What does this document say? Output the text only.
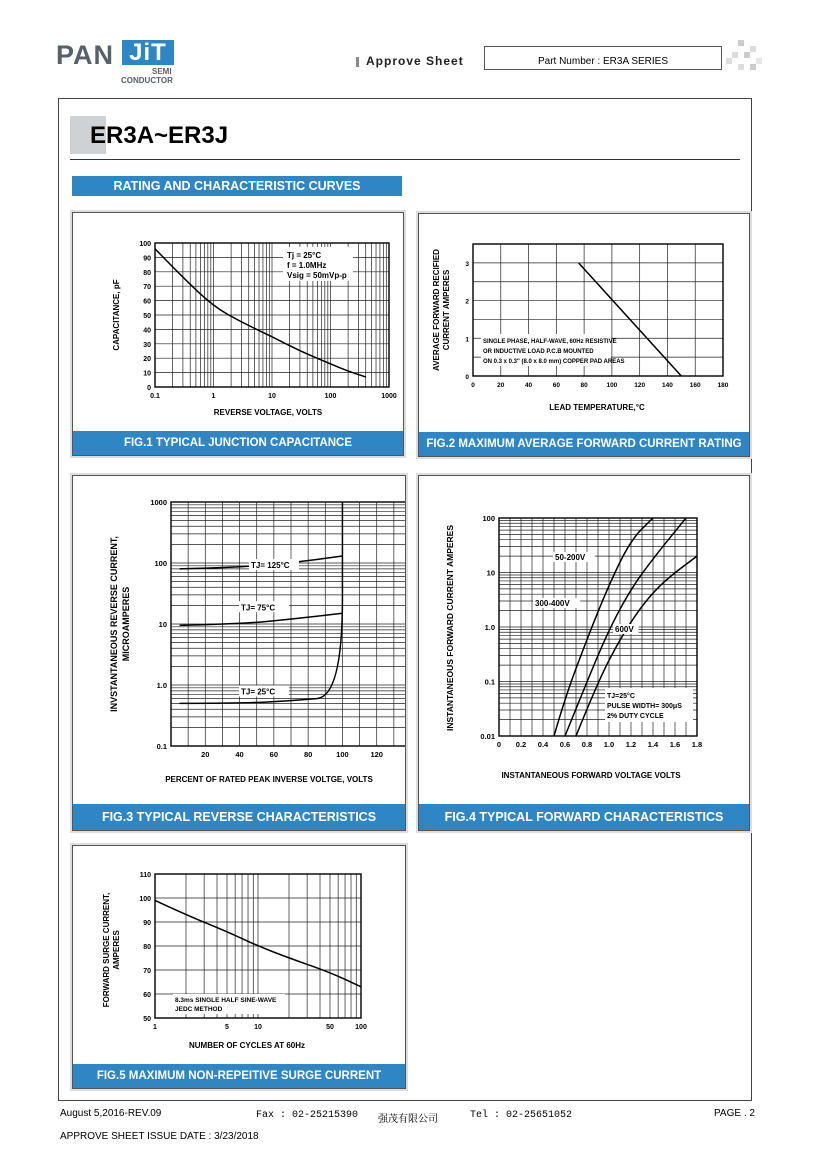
PAN JiT
SEMI
CONDUCTOR
Approve Sheet	Part Number : ER3A SERIES
ER3A~ER3J
RATING AND CHARACTERISTIC CURVES
0.1	1	10	100	1000
0
10
20
30
40
50
60
70
80
90
100
REVERSE VOLTAGE, VOLTS
CAPACITANCE, pF
Tj = 25°C
f = 1.0MHz
Vsig = 50mVp-p
FIG.1 TYPICAL JUNCTION CAPACITANCE
0	20	40	60	80	100	120	140	160	180
0
1
2
3
LEAD TEMPERATURE,°C
AVERAGE FORWARD RECIFIED CURRENT AMPERES	SINGLE PHASE, HALF-WAVE, 60Hz RESISTIVE
OR INDUCTIVE LOAD P.C.B MOUNTED
ON 0.3 x 0.3" (8.0 x 8.0 mm) COPPER PAD AREAS
FIG.2 MAXIMUM AVERAGE FORWARD CURRENT RATING
20	40	60	80	100	120
0.1
1.0
10
100
1000
PERCENT OF RATED PEAK INVERSE VOLTGE, VOLTS
INVSTANTANEOUS REVERSE CURRENT, MICROAMPERES
TJ= 125°C
TJ= 75°C
TJ= 25°C
FIG.3 TYPICAL REVERSE CHARACTERISTICS
0 0.2 0.4 0.6 0.8 1.0 1.2 1.4 1.6 1.8
0.01
0.1
1.0
10
100
INSTANTANEOUS FORWARD VOLTAGE VOLTS
INSTANTANEOUS FORWARD CURRENT AMPERES	50-200V
300-400V
600V
TJ=25°C
PULSE WIDTH= 300μS
2% DUTY CYCLE
FIG.4 TYPICAL FORWARD CHARACTERISTICS
1	5	10	50	100
50
60
70
80
90
100
110
NUMBER OF CYCLES AT 60Hz
FORWARD SURGE CURRENT, AMPERES
8.3ms SINGLE HALF SINE-WAVE
JEDC METHOD
FIG.5 MAXIMUM NON-REPEITIVE SURGE CURRENT
August 5,2016-REV.09	Fax : 02-25215390 强茂有限公司	Tel : 02-25651052	PAGE . 2
APPROVE SHEET ISSUE DATE : 3/23/2018
